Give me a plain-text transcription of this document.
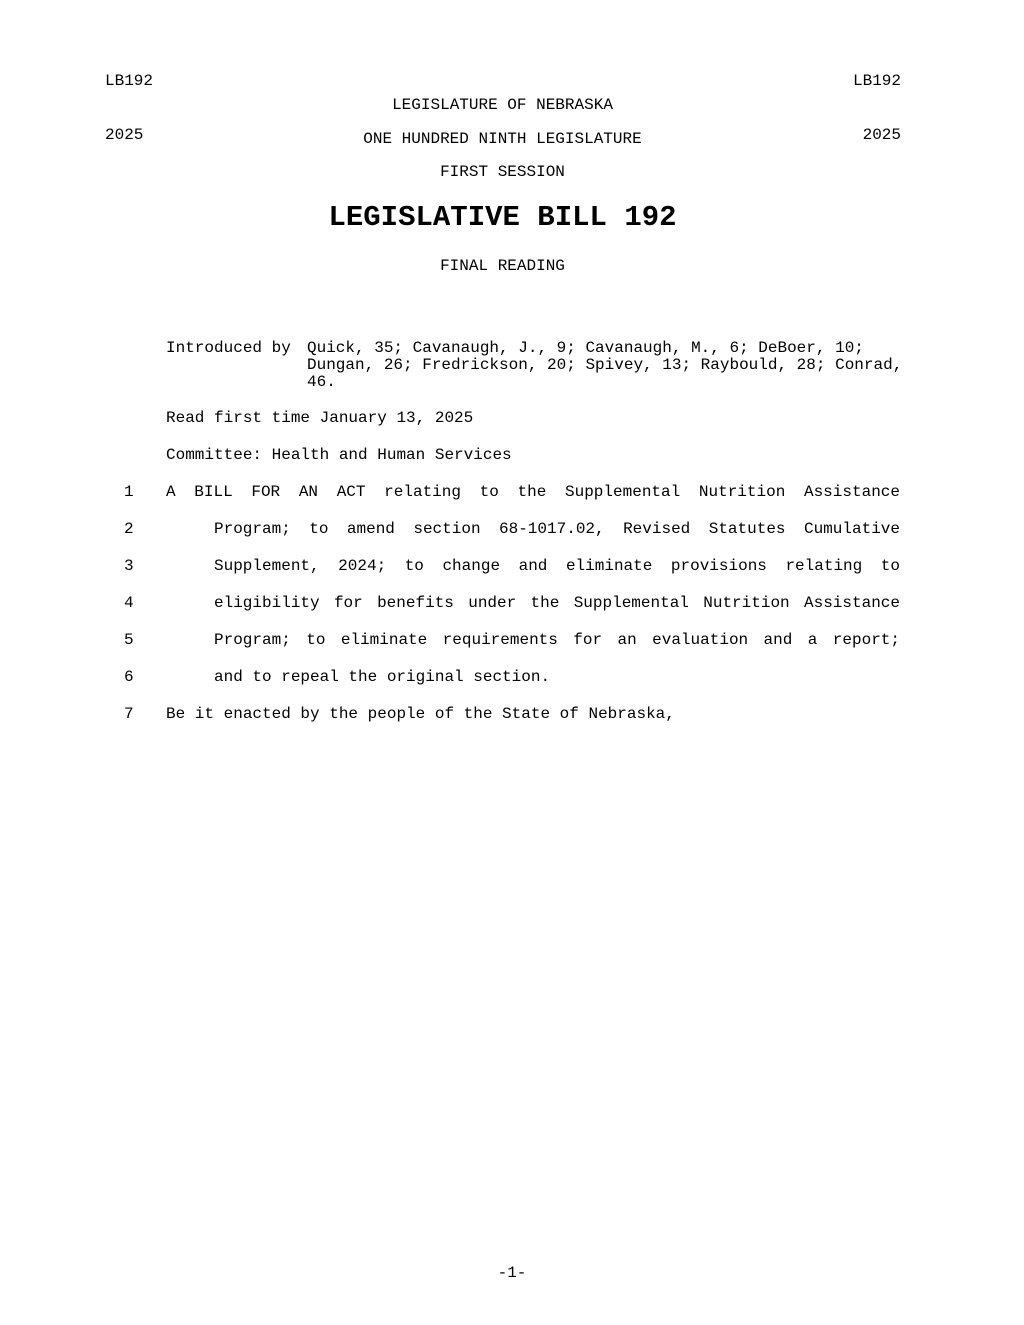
LB192

2025

LB192

2025

LEGISLATURE OF NEBRASKA
ONE HUNDRED NINTH LEGISLATURE
FIRST SESSION
LEGISLATIVE BILL 192
FINAL READING
Introduced by Quick, 35; Cavanaugh, J., 9; Cavanaugh, M., 6; DeBoer, 10; Dungan, 26; Fredrickson, 20; Spivey, 13; Raybould, 28; Conrad, 46.
Read first time January 13, 2025
Committee: Health and Human Services
1 A BILL FOR AN ACT relating to the Supplemental Nutrition Assistance
2	Program; to amend section 68-1017.02, Revised Statutes Cumulative
3	Supplement, 2024; to change and eliminate provisions relating to
4	eligibility for benefits under the Supplemental Nutrition Assistance
5	Program; to eliminate requirements for an evaluation and a report;
6	and to repeal the original section.
7 Be it enacted by the people of the State of Nebraska,
-1-
